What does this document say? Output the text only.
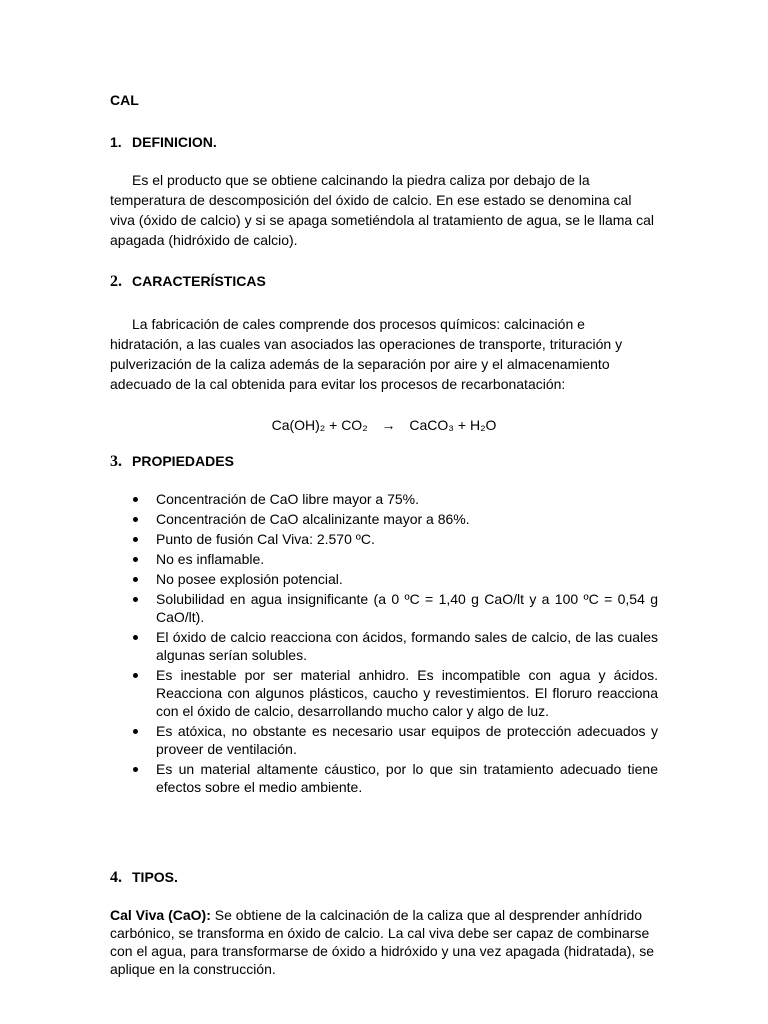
CAL
1. DEFINICION.

Es el producto que se obtiene calcinando la piedra caliza por debajo de la temperatura de descomposición del óxido de calcio. En ese estado se denomina cal viva (óxido de calcio) y si se apaga sometiéndola al tratamiento de agua, se le llama cal apagada (hidróxido de calcio).

2. CARACTERÍSTICAS

La fabricación de cales comprende dos procesos químicos: calcinación e hidratación, a las cuales van asociados las operaciones de transporte, trituración y pulverización de la caliza además de la separación por aire y el almacenamiento adecuado de la cal obtenida para evitar los procesos de recarbonatación:

Ca(OH)₂ + CO₂ → CaCO₃ + H₂O
3. PROPIEDADES
Concentración de CaO libre mayor a 75%.
Concentración de CaO alcalinizante mayor a 86%.
Punto de fusión Cal Viva: 2.570 ºC.
No es inflamable.
No posee explosión potencial.
Solubilidad en agua insignificante (a 0 ºC = 1,40 g CaO/lt y a 100 ºC = 0,54 g CaO/lt).
El óxido de calcio reacciona con ácidos, formando sales de calcio, de las cuales algunas serían solubles.
Es inestable por ser material anhidro. Es incompatible con agua y ácidos. Reacciona con algunos plásticos, caucho y revestimientos. El floruro reacciona con el óxido de calcio, desarrollando mucho calor y algo de luz.
Es atóxica, no obstante es necesario usar equipos de protección adecuados y proveer de ventilación.
Es un material altamente cáustico, por lo que sin tratamiento adecuado tiene efectos sobre el medio ambiente.
4. TIPOS.

Cal Viva (CaO): Se obtiene de la calcinación de la caliza que al desprender anhídrido carbónico, se transforma en óxido de calcio. La cal viva debe ser capaz de combinarse con el agua, para transformarse de óxido a hidróxido y una vez apagada (hidratada), se aplique en la construcción.
